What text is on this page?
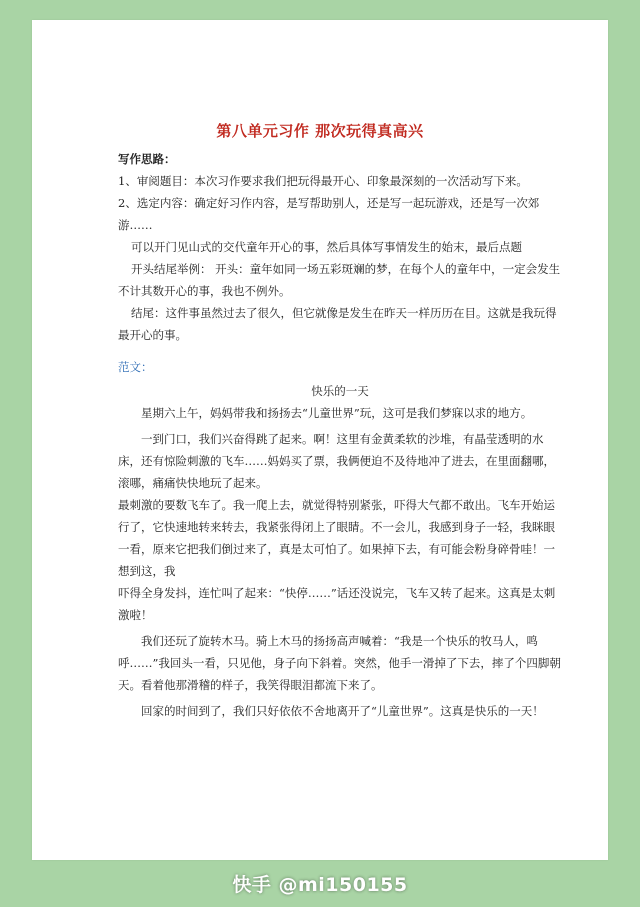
第八单元习作 那次玩得真高兴

写作思路：

1、审阅题目：本次习作要求我们把玩得最开心、印象最深刻的一次活动写下来。

2、选定内容：确定好习作内容，是写帮助别人，还是写一起玩游戏，还是写一次郊游……

可以开门见山式的交代童年开心的事，然后具体写事情发生的始末，最后点题

开头结尾举例： 开头：童年如同一场五彩斑斓的梦，在每个人的童年中，一定会发生不计其数开心的事，我也不例外。

结尾：这件事虽然过去了很久，但它就像是发生在昨天一样历历在目。这就是我玩得最开心的事。

范文：

快乐的一天

星期六上午，妈妈带我和扬扬去“儿童世界”玩，这可是我们梦寐以求的地方。

一到门口，我们兴奋得跳了起来。啊！这里有金黄柔软的沙堆，有晶莹透明的水床，还有惊险刺激的飞车……妈妈买了票，我俩便迫不及待地冲了进去，在里面翻哪，滚哪，痛痛快快地玩了起来。

最刺激的要数飞车了。我一爬上去，就觉得特别紧张，吓得大气都不敢出。飞车开始运行了，它快速地转来转去，我紧张得闭上了眼睛。不一会儿，我感到身子一轻，我眯眼一看，原来它把我们倒过来了，真是太可怕了。如果掉下去，有可能会粉身碎骨哇！一想到这，我

吓得全身发抖，连忙叫了起来：“快停……”话还没说完，飞车又转了起来。这真是太刺激啦！

我们还玩了旋转木马。骑上木马的扬扬高声喊着：“我是一个快乐的牧马人，鸣呼……”我回头一看，只见他，身子向下斜着。突然，他手一滑掉了下去，摔了个四脚朝天。看着他那滑稽的样子，我笑得眼泪都流下来了。

回家的时间到了，我们只好依依不舍地离开了“儿童世界”。这真是快乐的一天！

快手 @mi150155
